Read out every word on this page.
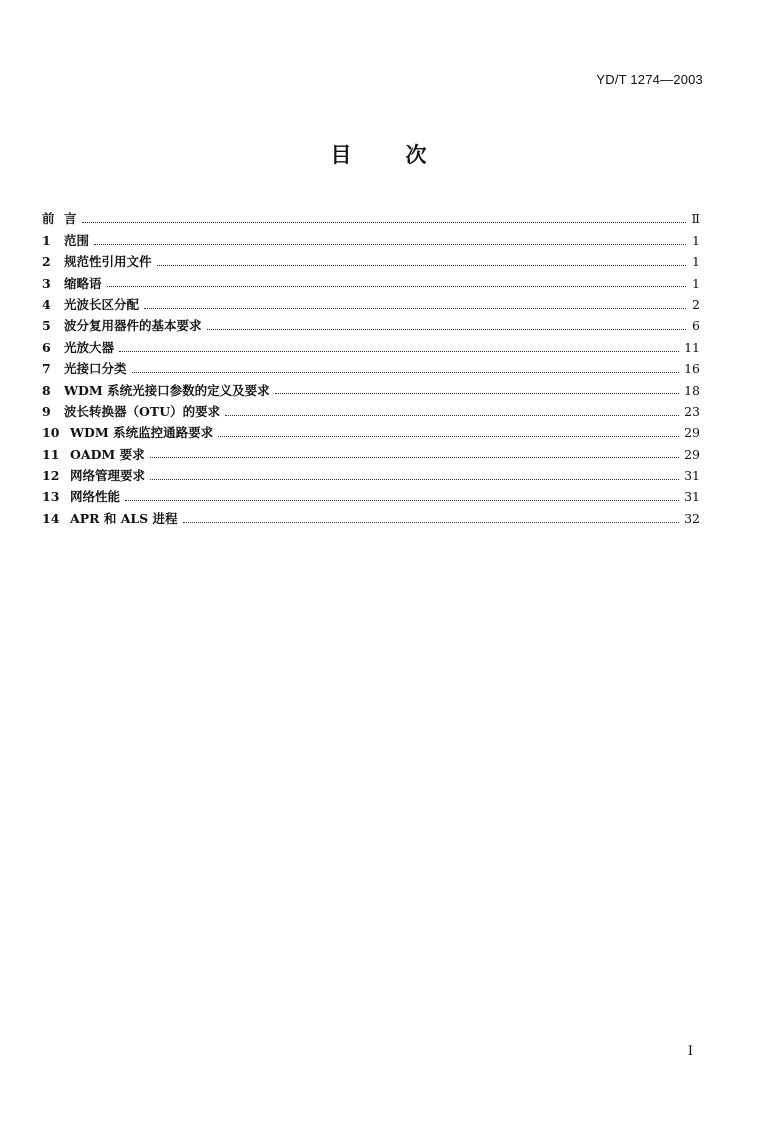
YD/T 1274—2003
目	次
前 言	Ⅱ
1	范围	1
2	规范性引用文件	1
3	缩略语	1
4	光波长区分配	2
5	波分复用器件的基本要求	6
6	光放大器	11
7	光接口分类	16
8	WDM 系统光接口参数的定义及要求	18
9	波长转换器（OTU）的要求	23
10 WDM 系统监控通路要求	29
11 OADM 要求	29
12 网络管理要求	31
13 网络性能	31
14 APR 和 ALS 进程	32
I
